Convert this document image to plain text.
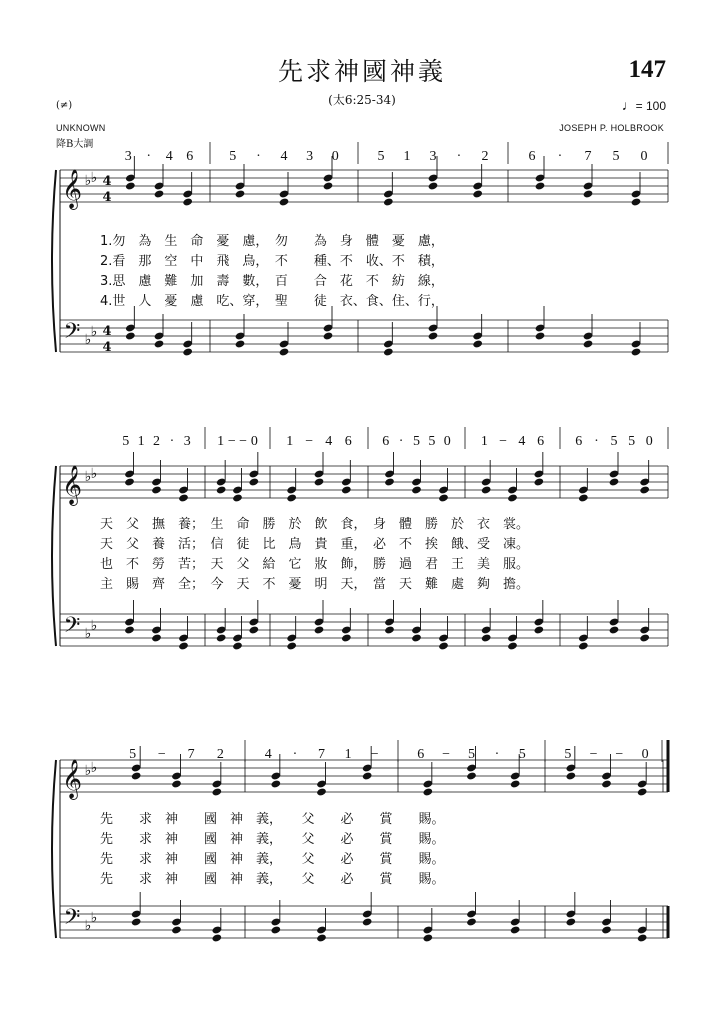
先求神國神義	147
(太6:25-34)	♩= 100
(≠)
UNKNOWN	JOSEPH P. HOLBROOK
降B大調
𝄞 ♭ ♭ 4
4
𝄢 ♭ ♭ 4
4
3 · 4 6	5 · 4 3 0	5 1 3 · 2	6 · 7 5 0
1.勿　為　生　命　憂　慮，　勿　　為　身　體　憂　慮，
2.看　那　空　中　飛　鳥，　不　　種、不　收、不　積，
3.思　慮　難　加　壽　數，　百　　合　花　不　紡　線，
4.世　人　憂　慮　吃、穿，　聖　　徒　衣、食、住、行，
𝄞 ♭ ♭
𝄢 ♭ ♭
5 1 2 · 3 1 − − 0 1 − 4 6 6 · 5 5 0 1 − 4 6 6 · 5 5 0
天　父　撫　養；　生　命　勝　於　飲　食，　身　體　勝　於　衣　裳。
天　父　養　活；　信　徒　比　鳥　貴　重，　必　不　挨　餓、受　凍。
也　不　勞　苦；　天　父　給　它　妝　飾，　勝　過　君　王　美　服。
主　賜　齊　全；　今　天　不　憂　明　天，　當　天　難　處　夠　擔。
𝄞 ♭ ♭
𝄢 ♭ ♭
5 − 7 2	4 · 7 1 −	6 − 5 · 5	5 − − 0
先　　求　神　　國　神　義，　　父　　必　　賞　　賜。
先　　求　神　　國　神　義，　　父　　必　　賞　　賜。
先　　求　神　　國　神　義，　　父　　必　　賞　　賜。
先　　求　神　　國　神　義，　　父　　必　　賞　　賜。
